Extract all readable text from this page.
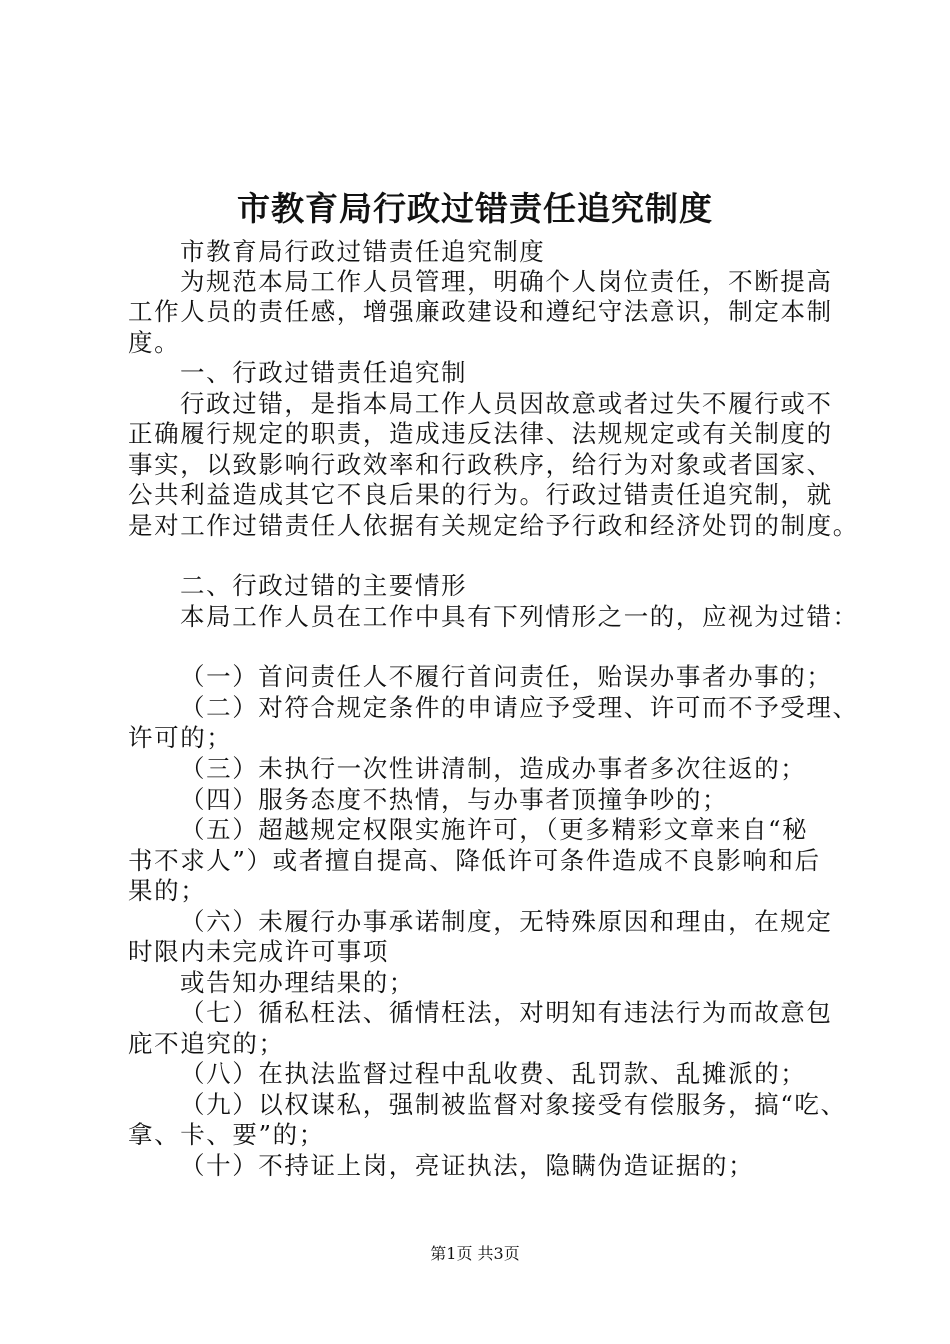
市教育局行政过错责任追究制度
市教育局行政过错责任追究制度
为规范本局工作人员管理，明确个人岗位责任，不断提高
工作人员的责任感，增强廉政建设和遵纪守法意识，制定本制
度。
一、行政过错责任追究制
行政过错，是指本局工作人员因故意或者过失不履行或不
正确履行规定的职责，造成违反法律、法规规定或有关制度的
事实，以致影响行政效率和行政秩序，给行为对象或者国家、
公共利益造成其它不良后果的行为。行政过错责任追究制，就
是对工作过错责任人依据有关规定给予行政和经济处罚的制度。
二、行政过错的主要情形
本局工作人员在工作中具有下列情形之一的，应视为过错：
（一）首问责任人不履行首问责任，贻误办事者办事的；
（二）对符合规定条件的申请应予受理、许可而不予受理、
许可的；
（三）未执行一次性讲清制，造成办事者多次往返的；
（四）服务态度不热情，与办事者顶撞争吵的；
（五）超越规定权限实施许可，（更多精彩文章来自“秘
书不求人”）或者擅自提高、降低许可条件造成不良影响和后
果的；
（六）未履行办事承诺制度，无特殊原因和理由，在规定
时限内未完成许可事项
或告知办理结果的；
（七）循私枉法、循情枉法，对明知有违法行为而故意包
庇不追究的；
（八）在执法监督过程中乱收费、乱罚款、乱摊派的；
（九）以权谋私，强制被监督对象接受有偿服务，搞“吃、
拿、卡、要”的；
（十）不持证上岗，亮证执法，隐瞒伪造证据的；
第1页 共3页
